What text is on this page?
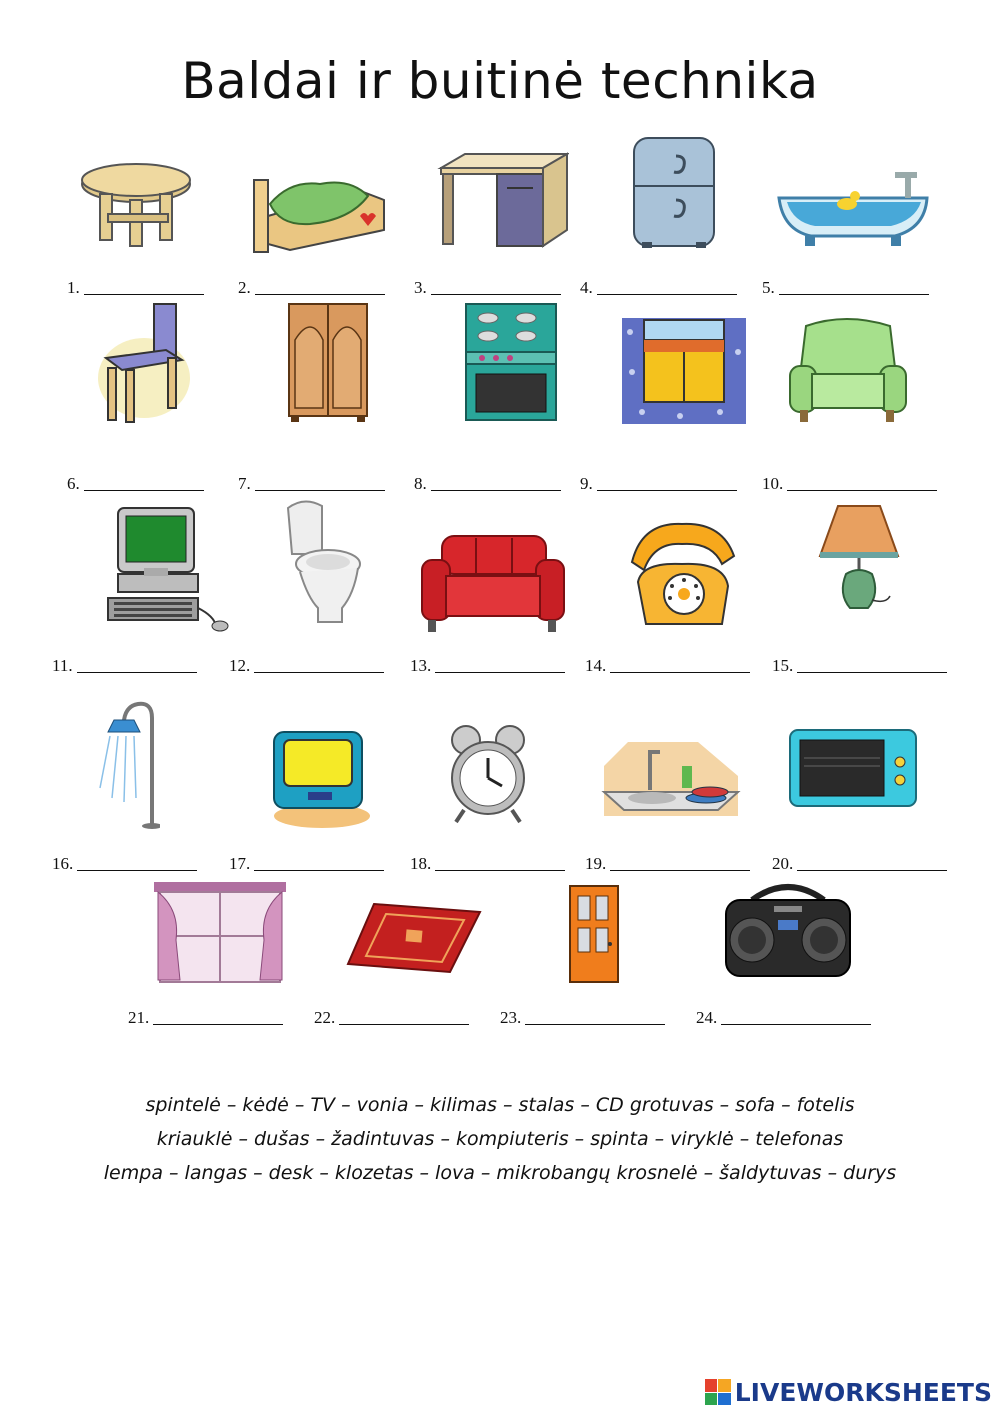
Baldai ir buitinė technika
1.	2.	3.	4.	5.
6.	7.	8.	9.	10.
11.	12.	13.	14.	15.
16.	17.	18.	19.	20.
21.	22.	23.	24.
spintelė – kėdė – TV – vonia – kilimas – stalas – CD grotuvas – sofa – fotelis
kriauklė – dušas – žadintuvas – kompiuteris – spinta – viryklė – telefonas
lempa – langas – desk – klozetas – lova – mikrobangų krosnelė – šaldytuvas – durys
LIVEWORKSHEETS
